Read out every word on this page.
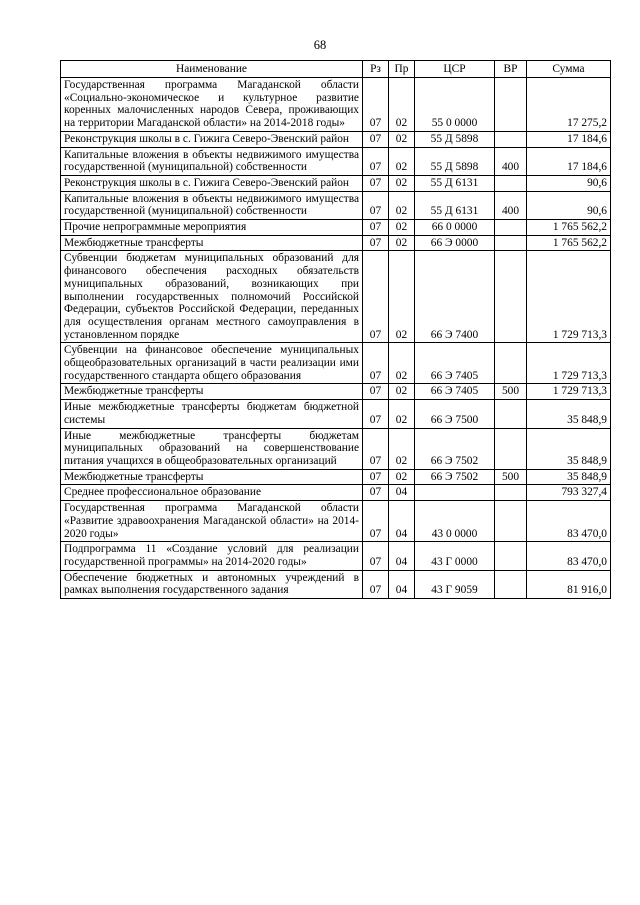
68
Наименование	Рз	Пр	ЦСР	ВР	Сумма
Государственная программа Магаданской области «Социально-экономическое и культурное развитие коренных малочисленных народов Севера, проживающих на территории Магаданской области» на 2014-2018 годы»	07	02	55 0 0000		17 275,2
Реконструкция школы в с. Гижига Северо-Эвенский район	07	02	55 Д 5898		17 184,6
Капитальные вложения в объекты недвижимого имущества государственной (муниципальной) собственности	07	02	55 Д 5898	400	17 184,6
Реконструкция школы в с. Гижига Северо-Эвенский район	07	02	55 Д 6131		90,6
Капитальные вложения в объекты недвижимого имущества государственной (муниципальной) собственности	07	02	55 Д 6131	400	90,6
Прочие непрограммные мероприятия	07	02	66 0 0000		1 765 562,2
Межбюджетные трансферты	07	02	66 Э 0000		1 765 562,2
Субвенции бюджетам муниципальных образований для финансового обеспечения расходных обязательств муниципальных образований, возникающих при выполнении государственных полномочий Российской Федерации, субъектов Российской Федерации, переданных для осуществления органам местного самоуправления в установленном порядке	07	02	66 Э 7400		1 729 713,3
Субвенции на финансовое обеспечение муниципальных общеобразовательных организаций в части реализации ими государственного стандарта общего образования	07	02	66 Э 7405		1 729 713,3
Межбюджетные трансферты	07	02	66 Э 7405	500	1 729 713,3
Иные межбюджетные трансферты бюджетам бюджетной системы	07	02	66 Э 7500		35 848,9
Иные межбюджетные трансферты бюджетам муниципальных образований на совершенствование питания учащихся в общеобразовательных организаций	07	02	66 Э 7502		35 848,9
Межбюджетные трансферты	07	02	66 Э 7502	500	35 848,9
Среднее профессиональное образование	07	04			793 327,4
Государственная программа Магаданской области «Развитие здравоохранения Магаданской области» на 2014-2020 годы»	07	04	43 0 0000		83 470,0
Подпрограмма 11 «Создание условий для реализации государственной программы» на 2014-2020 годы»	07	04	43 Г 0000		83 470,0
Обеспечение бюджетных и автономных учреждений в рамках выполнения государственного задания	07	04	43 Г 9059		81 916,0
